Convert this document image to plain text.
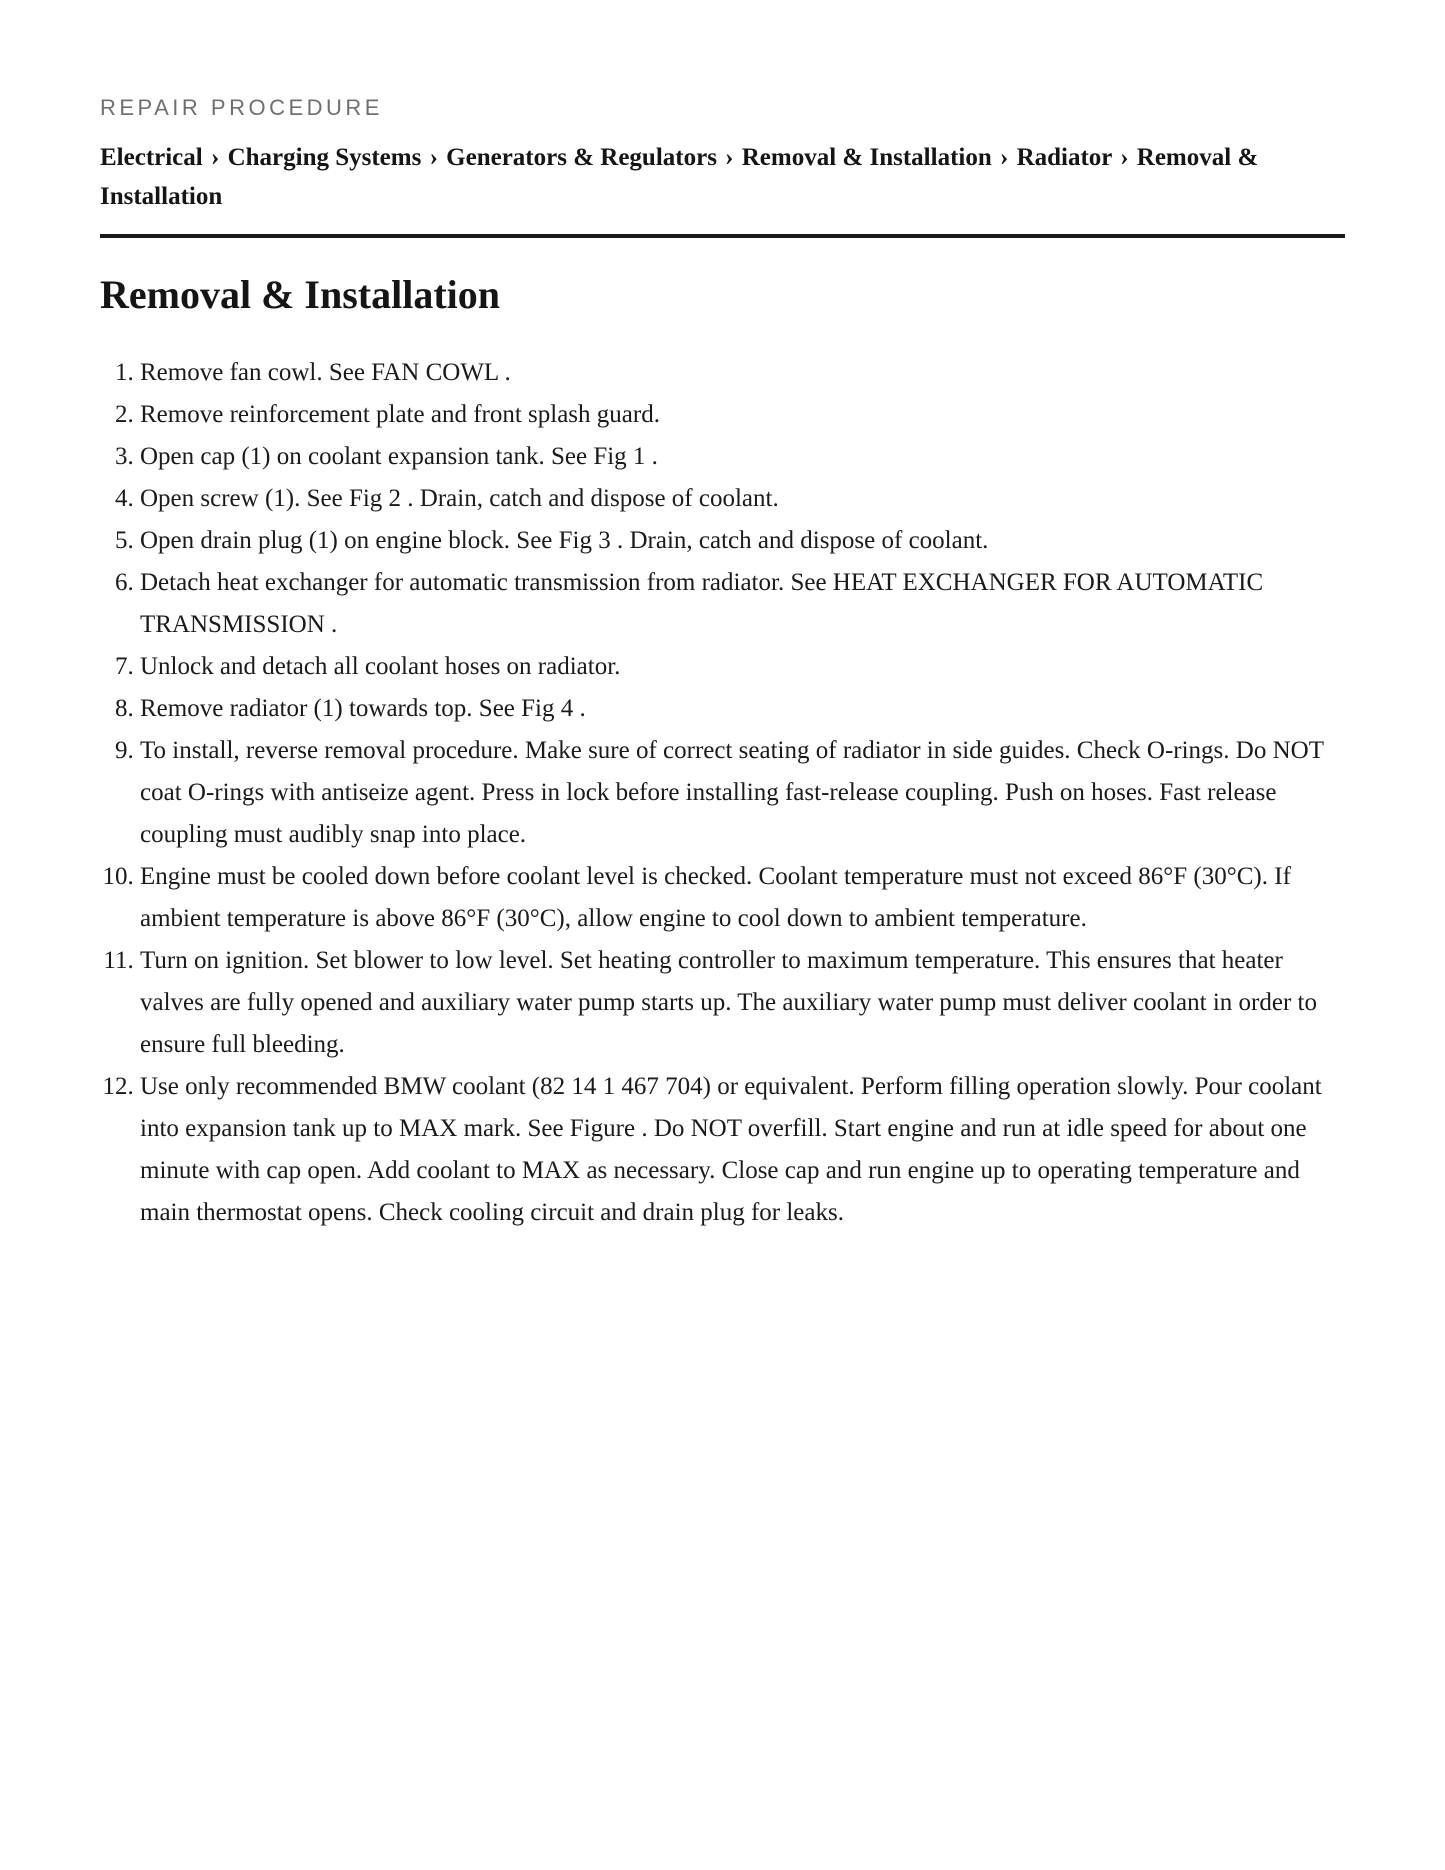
REPAIR PROCEDURE
Electrical › Charging Systems › Generators & Regulators › Removal & Installation › Radiator › Removal & Installation
Removal & Installation
1. Remove fan cowl. See FAN COWL .
2. Remove reinforcement plate and front splash guard.
3. Open cap (1) on coolant expansion tank. See Fig 1 .
4. Open screw (1). See Fig 2 . Drain, catch and dispose of coolant.
5. Open drain plug (1) on engine block. See Fig 3 . Drain, catch and dispose of coolant.
6. Detach heat exchanger for automatic transmission from radiator. See HEAT EXCHANGER FOR AUTOMATIC TRANSMISSION .
7. Unlock and detach all coolant hoses on radiator.
8. Remove radiator (1) towards top. See Fig 4 .
9. To install, reverse removal procedure. Make sure of correct seating of radiator in side guides. Check O-rings. Do NOT coat O-rings with antiseize agent. Press in lock before installing fast-release coupling. Push on hoses. Fast release coupling must audibly snap into place.
10. Engine must be cooled down before coolant level is checked. Coolant temperature must not exceed 86°F (30°C). If ambient temperature is above 86°F (30°C), allow engine to cool down to ambient temperature.
11. Turn on ignition. Set blower to low level. Set heating controller to maximum temperature. This ensures that heater valves are fully opened and auxiliary water pump starts up. The auxiliary water pump must deliver coolant in order to ensure full bleeding.
12. Use only recommended BMW coolant (82 14 1 467 704) or equivalent. Perform filling operation slowly. Pour coolant into expansion tank up to MAX mark. See Figure . Do NOT overfill. Start engine and run at idle speed for about one minute with cap open. Add coolant to MAX as necessary. Close cap and run engine up to operating temperature and main thermostat opens. Check cooling circuit and drain plug for leaks.
